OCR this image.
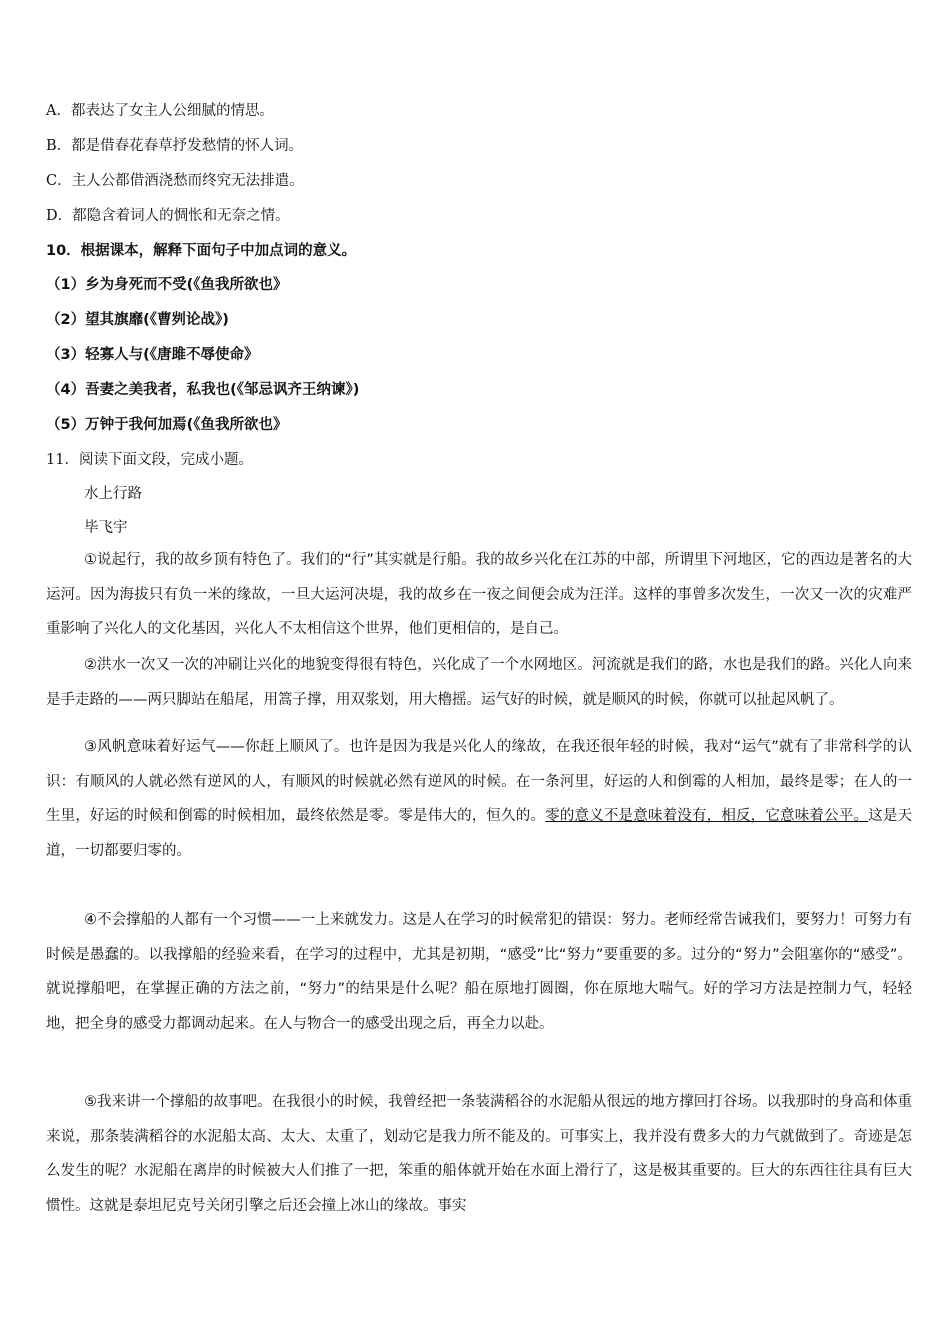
A．都表达了女主人公细腻的情思。
B．都是借春花春草抒发愁情的怀人词。
C．主人公都借酒浇愁而终究无法排遣。
D．都隐含着词人的惆怅和无奈之情。
10．根据课本，解释下面句子中加点词的意义。
（1）乡为身死而不受(《鱼我所欲也》
（2）望其旗靡(《曹刿论战》)
（3）轻寡人与(《唐雎不辱使命》
（4）吾妻之美我者，私我也(《邹忌讽齐王纳谏》)
（5）万钟于我何加焉(《鱼我所欲也》
11．阅读下面文段，完成小题。
水上行路
毕飞宇
①说起行，我的故乡顶有特色了。我们的“行”其实就是行船。我的故乡兴化在江苏的中部，所谓里下河地区，它的西边是著名的大运河。因为海拔只有负一米的缘故，一旦大运河决堤，我的故乡在一夜之间便会成为汪洋。这样的事曾多次发生，一次又一次的灾难严重影响了兴化人的文化基因，兴化人不太相信这个世界，他们更相信的，是自己。
②洪水一次又一次的冲刷让兴化的地貌变得很有特色，兴化成了一个水网地区。河流就是我们的路，水也是我们的路。兴化人向来是手走路的——两只脚站在船尾，用篙子撑，用双浆划，用大櫓摇。运气好的时候，就是顺风的时候，你就可以扯起风帆了。
③风帆意味着好运气——你赶上顺风了。也许是因为我是兴化人的缘故，在我还很年轻的时候，我对“运气”就有了非常科学的认识：有顺风的人就必然有逆风的人，有顺风的时候就必然有逆风的时候。在一条河里，好运的人和倒霉的人相加，最终是零；在人的一生里，好运的时候和倒霉的时候相加，最终依然是零。零是伟大的，恒久的。零的意义不是意味着没有，相反，它意味着公平。这是天道，一切都要归零的。
④不会撑船的人都有一个习惯——一上来就发力。这是人在学习的时候常犯的错误：努力。老师经常告诫我们，要努力！可努力有时候是愚蠢的。以我撑船的经验来看，在学习的过程中，尤其是初期，“感受”比“努力”要重要的多。过分的“努力”会阻塞你的“感受”。就说撑船吧，在掌握正确的方法之前，“努力”的结果是什么呢？船在原地打圆圈，你在原地大喘气。好的学习方法是控制力气，轻轻地，把全身的感受力都调动起来。在人与物合一的感受出现之后，再全力以赴。
⑤我来讲一个撑船的故事吧。在我很小的时候，我曾经把一条装满稻谷的水泥船从很远的地方撑回打谷场。以我那时的身高和体重来说，那条装满稻谷的水泥船太高、太大、太重了，划动它是我力所不能及的。可事实上，我并没有费多大的力气就做到了。奇迹是怎么发生的呢？水泥船在离岸的时候被大人们推了一把，笨重的船体就开始在水面上滑行了，这是极其重要的。巨大的东西往往具有巨大惯性。这就是泰坦尼克号关闭引擎之后还会撞上冰山的缘故。事实
